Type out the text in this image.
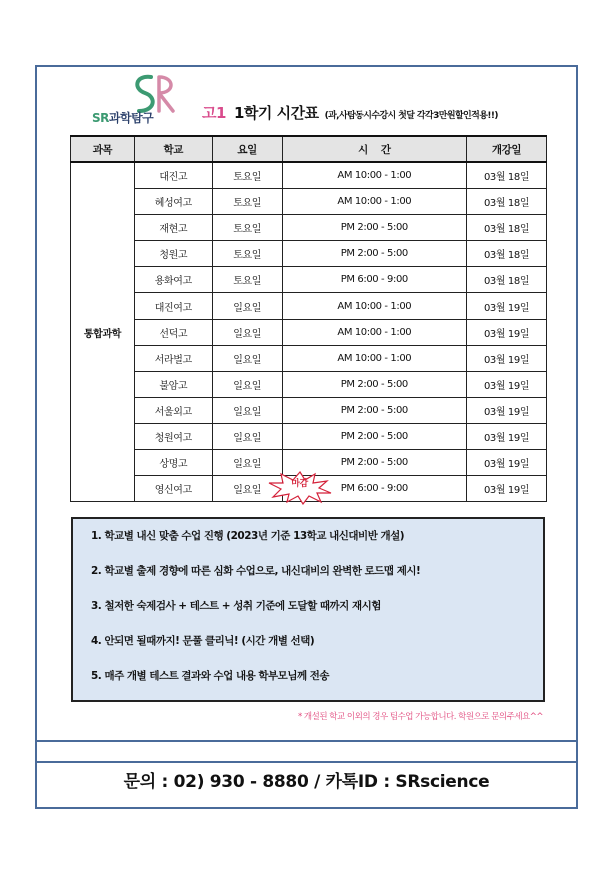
SR과학탐구	고1 1학기 시간표 (과,사탐동시수강시 첫달 각각3만원할인적용!!)
과목	학교	요일	시    간	개강일
통합과학	대진고	토요일	AM 10:00 - 1:00	03월 18일
	혜성여고	토요일	AM 10:00 - 1:00	03월 18일
	재현고	토요일	PM 2:00 - 5:00	03월 18일
	청원고	토요일	PM 2:00 - 5:00	03월 18일
	용화여고	토요일	PM 6:00 - 9:00	03월 18일
	대진여고	일요일	AM 10:00 - 1:00	03월 19일
	선덕고	일요일	AM 10:00 - 1:00	03월 19일
	서라벌고	일요일	AM 10:00 - 1:00	03월 19일
	불암고	일요일	PM 2:00 - 5:00	03월 19일
	서울외고	일요일	PM 2:00 - 5:00	03월 19일
	청원여고	일요일	PM 2:00 - 5:00	03월 19일
	상명고	일요일	PM 2:00 - 5:00	03월 19일
	영신여고	일요일	마감 PM 6:00 - 9:00	03월 19일
1. 학교별 내신 맞춤 수업 진행 (2023년 기준 13학교 내신대비반 개설)
2. 학교별 출제 경향에 따른 심화 수업으로, 내신대비의 완벽한 로드맵 제시!
3. 철저한 숙제검사 + 테스트 + 성취 기준에 도달할 때까지 재시험
4. 안되면 될때까지! 문풀 클리닉! (시간 개별 선택)
5. 매주 개별 테스트 결과와 수업 내용 학부모님께 전송
* 개설된 학교 이외의 경우 팀수업 가능합니다. 학원으로 문의주세요^^
문의 : 02) 930 - 8880 / 카톡ID : SRscience
